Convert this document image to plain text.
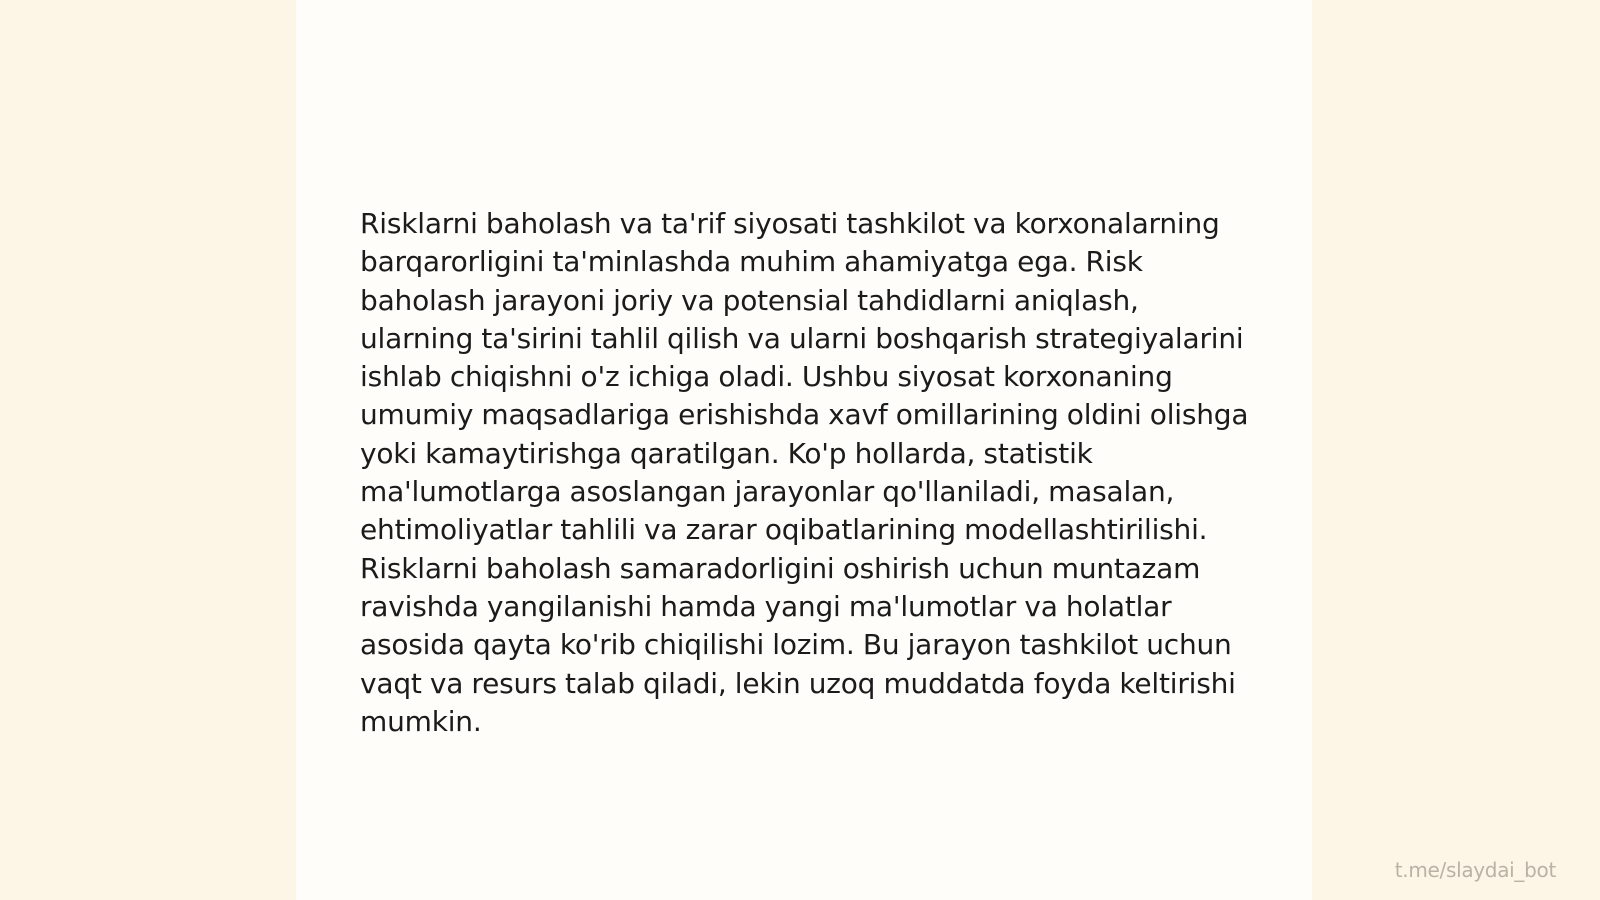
Risklarni baholash va ta'rif siyosati tashkilot va korxonalarning barqarorligini ta'minlashda muhim ahamiyatga ega. Risk baholash jarayoni joriy va potensial tahdidlarni aniqlash, ularning ta'sirini tahlil qilish va ularni boshqarish strategiyalarini ishlab chiqishni o'z ichiga oladi. Ushbu siyosat korxonaning umumiy maqsadlariga erishishda xavf omillarining oldini olishga yoki kamaytirishga qaratilgan. Ko'p hollarda, statistik ma'lumotlarga asoslangan jarayonlar qo'llaniladi, masalan, ehtimoliyatlar tahlili va zarar oqibatlarining modellashtirilishi. Risklarni baholash samaradorligini oshirish uchun muntazam ravishda yangilanishi hamda yangi ma'lumotlar va holatlar asosida qayta ko'rib chiqilishi lozim. Bu jarayon tashkilot uchun vaqt va resurs talab qiladi, lekin uzoq muddatda foyda keltirishi mumkin.

t.me/slaydai_bot
